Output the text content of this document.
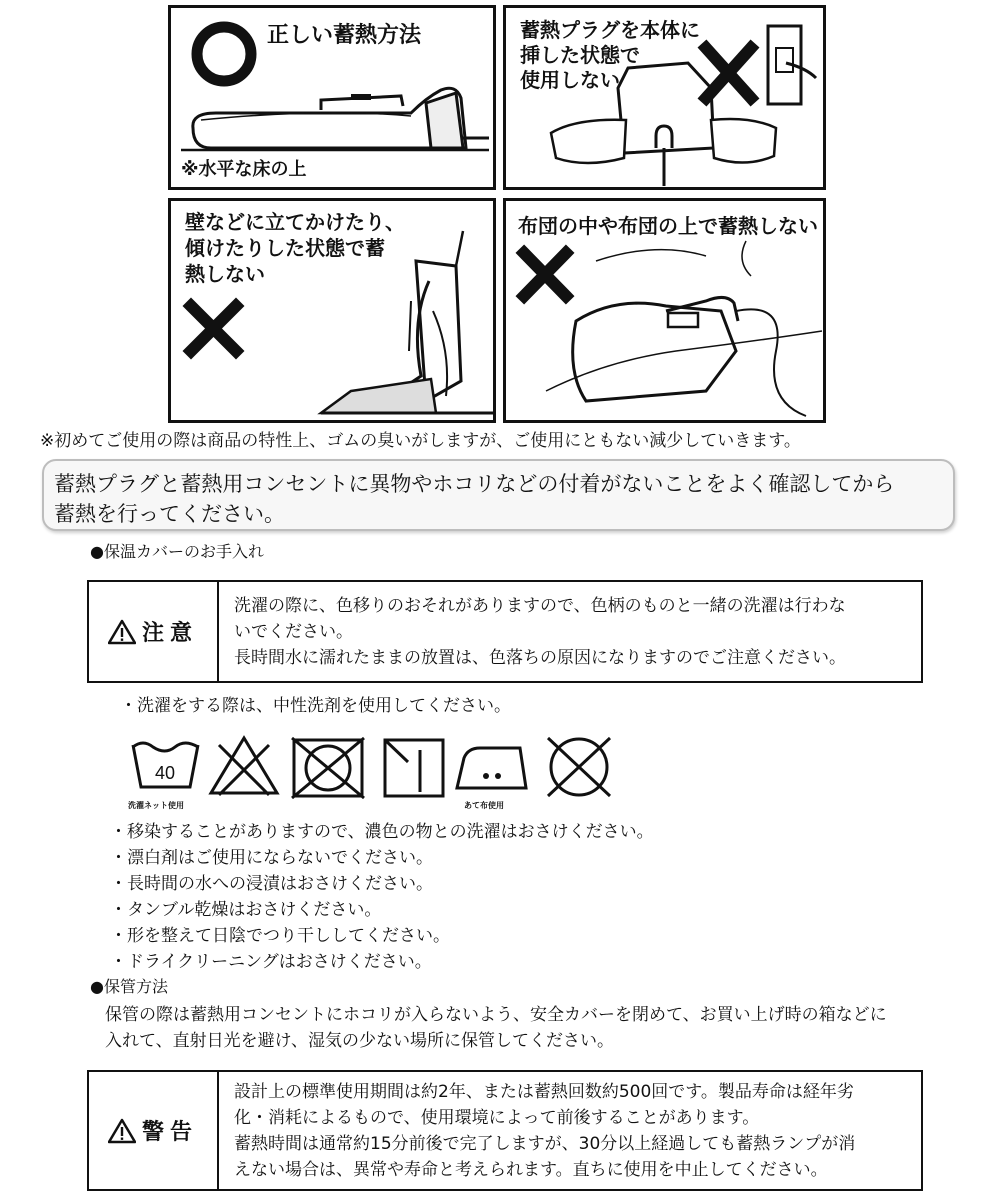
正しい蓄熱方法
※水平な床の上
蓄熱プラグを本体に
挿した状態で
使用しない
壁などに立てかけたり、
傾けたりした状態で蓄
熱しない
布団の中や布団の上で蓄熱しない
※初めてご使用の際は商品の特性上、ゴムの臭いがしますが、ご使用にともない減少していきます。
蓄熱プラグと蓄熱用コンセントに異物やホコリなどの付着がないことをよく確認してから
蓄熱を行ってください。
●保温カバーのお手入れ
注意
洗濯の際に、色移りのおそれがありますので、色柄のものと一緒の洗濯は行わな
いでください。
長時間水に濡れたままの放置は、色落ちの原因になりますのでご注意ください。
・洗濯をする際は、中性洗剤を使用してください。
40
洗濯ネット使用	あて布使用
・移染することがありますので、濃色の物との洗濯はおさけください。
・漂白剤はご使用にならないでください。
・長時間の水への浸漬はおさけください。
・タンブル乾燥はおさけください。
・形を整えて日陰でつり干ししてください。
・ドライクリーニングはおさけください。
●保管方法
保管の際は蓄熱用コンセントにホコリが入らないよう、安全カバーを閉めて、お買い上げ時の箱などに
入れて、直射日光を避け、湿気の少ない場所に保管してください。
警告
設計上の標準使用期間は約2年、または蓄熱回数約500回です。製品寿命は経年劣
化・消耗によるもので、使用環境によって前後することがあります。
蓄熱時間は通常約15分前後で完了しますが、30分以上経過しても蓄熱ランプが消
えない場合は、異常や寿命と考えられます。直ちに使用を中止してください。
